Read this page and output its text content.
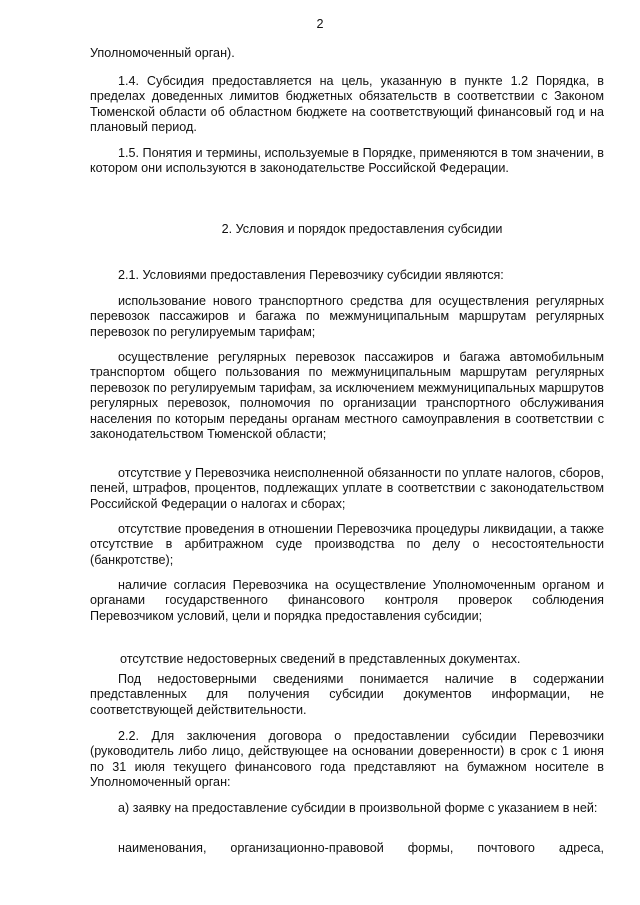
2

Уполномоченный орган).

1.4. Субсидия предоставляется на цель, указанную в пункте 1.2 Порядка, в пределах доведенных лимитов бюджетных обязательств в соответствии с Законом Тюменской области об областном бюджете на соответствующий финансовый год и на плановый период.

1.5. Понятия и термины, используемые в Порядке, применяются в том значении, в котором они используются в законодательстве Российской Федерации.

2. Условия и порядок предоставления субсидии

2.1. Условиями предоставления Перевозчику субсидии являются:

использование нового транспортного средства для осуществления регулярных перевозок пассажиров и багажа по межмуниципальным маршрутам регулярных перевозок по регулируемым тарифам;

осуществление регулярных перевозок пассажиров и багажа автомобильным транспортом общего пользования по межмуниципальным маршрутам регулярных перевозок по регулируемым тарифам, за исключением межмуниципальных маршрутов регулярных перевозок, полномочия по организации транспортного обслуживания населения по которым переданы органам местного самоуправления в соответствии с законодательством Тюменской области;

отсутствие у Перевозчика неисполненной обязанности по уплате налогов, сборов, пеней, штрафов, процентов, подлежащих уплате в соответствии с законодательством Российской Федерации о налогах и сборах;

отсутствие проведения в отношении Перевозчика процедуры ликвидации, а также отсутствие в арбитражном суде производства по делу о несостоятельности (банкротстве);

наличие согласия Перевозчика на осуществление Уполномоченным органом и органами государственного финансового контроля проверок соблюдения Перевозчиком условий, цели и порядка предоставления субсидии;

отсутствие недостоверных сведений в представленных документах.

Под недостоверными сведениями понимается наличие в содержании представленных для получения субсидии документов информации, не соответствующей действительности.

2.2. Для заключения договора о предоставлении субсидии Перевозчики (руководитель либо лицо, действующее на основании доверенности) в срок с 1 июня по 31 июля текущего финансового года представляют на бумажном носителе в Уполномоченный орган:

а) заявку на предоставление субсидии в произвольной форме с указанием в ней:

наименования, организационно-правовой формы, почтового адреса,
